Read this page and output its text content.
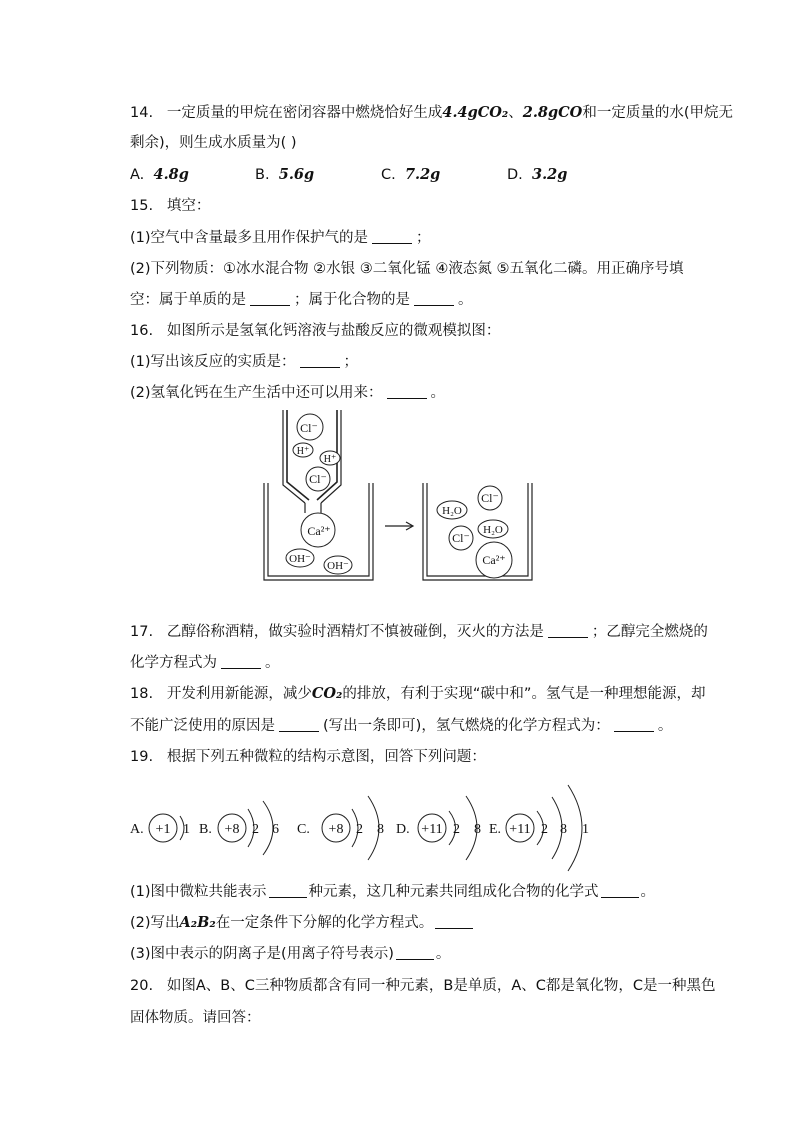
14. 一定质量的甲烷在密闭容器中燃烧恰好生成4.4gCO₂、2.8gCO和一定质量的水(甲烷无
剩余)，则生成水质量为( )
A. 4.8g	B. 5.6g	C. 7.2g	D. 3.2g
15. 填空：
(1)空气中含量最多且用作保护气的是	；
(2)下列物质：①冰水混合物 ②水银 ③二氧化锰 ④液态氮 ⑤五氧化二磷。用正确序号填
空：属于单质的是	；属于化合物的是	。
16. 如图所示是氢氧化钙溶液与盐酸反应的微观模拟图：
(1)写出该反应的实质是：	；
(2)氢氧化钙在生产生活中还可以用来：	。
Cl⁻
H⁺
H⁺
Cl⁻
Ca²⁺
OH⁻
OH⁻
H₂O
Cl⁻
H₂O
Cl⁻
Ca²⁺
17. 乙醇俗称酒精，做实验时酒精灯不慎被碰倒，灭火的方法是	；乙醇完全燃烧的
化学方程式为	。
18. 开发利用新能源，减少CO₂的排放，有利于实现“碳中和”。氢气是一种理想能源，却
不能广泛使用的原因是	(写出一条即可)，氢气燃烧的化学方程式为：	。
19. 根据下列五种微粒的结构示意图，回答下列问题：
A. +1 1 B. +8 2 6 C. +8 2 8 D. +11 2 8 E. +11 2 8 1
(1)图中微粒共能表示	种元素，这几种元素共同组成化合物的化学式	。
(2)写出A₂B₂在一定条件下分解的化学方程式。
(3)图中表示的阴离子是(用离子符号表示)	。
20. 如图A、B、C三种物质都含有同一种元素，B是单质，A、C都是氧化物，C是一种黑色
固体物质。请回答：
